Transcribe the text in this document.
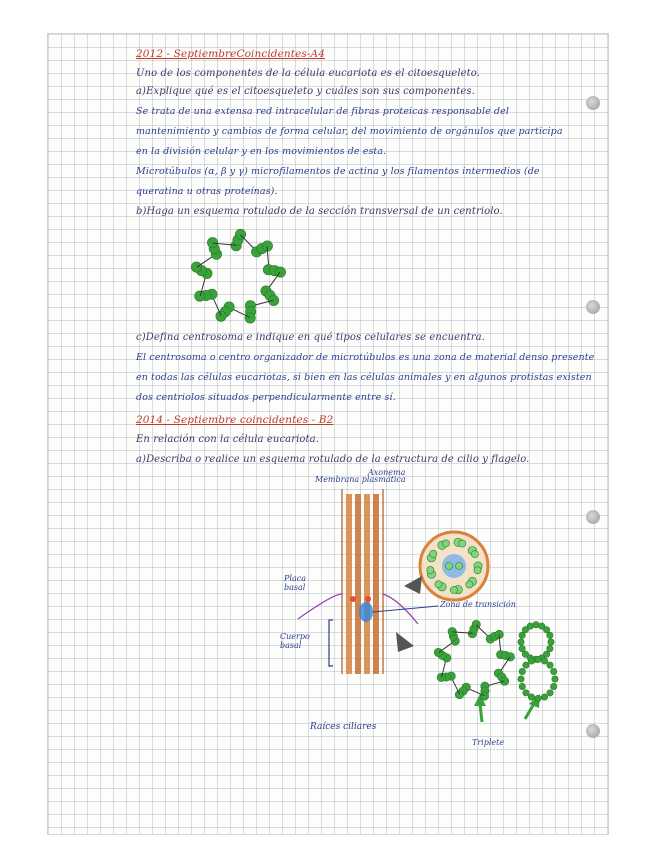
2012 - SeptiembreCoincidentes-A4
Uno de los componentes de la célula eucariota es el citoesqueleto.
a)Explique qué es el citoesqueleto y cuáles son sus componentes.
Se trata de una extensa red intracelular de fibras proteicas responsable del
mantenimiento y cambios de forma celular, del movimiento de orgánulos que participa
en la división celular y en los movimientos de esta.
Microtúbulos (α, β y γ) microfilamentos de actina y los filamentos intermedios (de
queratina u otras proteínas).
b)Haga un esquema rotulado de la sección transversal de un centriolo.
c)Defina centrosoma e indique en qué tipos celulares se encuentra.
El centrosoma o centro organizador de microtúbulos es una zona de material denso presente
en todas las células eucariotas, si bien en las células animales y en algunos protistas existen
dos centriolos situados perpendicularmente entre sí.
2014 - Septiembre coincidentes - B2
En relación con la célula eucariota.
a)Describa o realice un esquema rotulado de la estructura de cilio y flagelo.
Membrana plasmática
Axonema
Placa basal
Zona de transición
Cuerpo basal
Raíces ciliares
Triplete
